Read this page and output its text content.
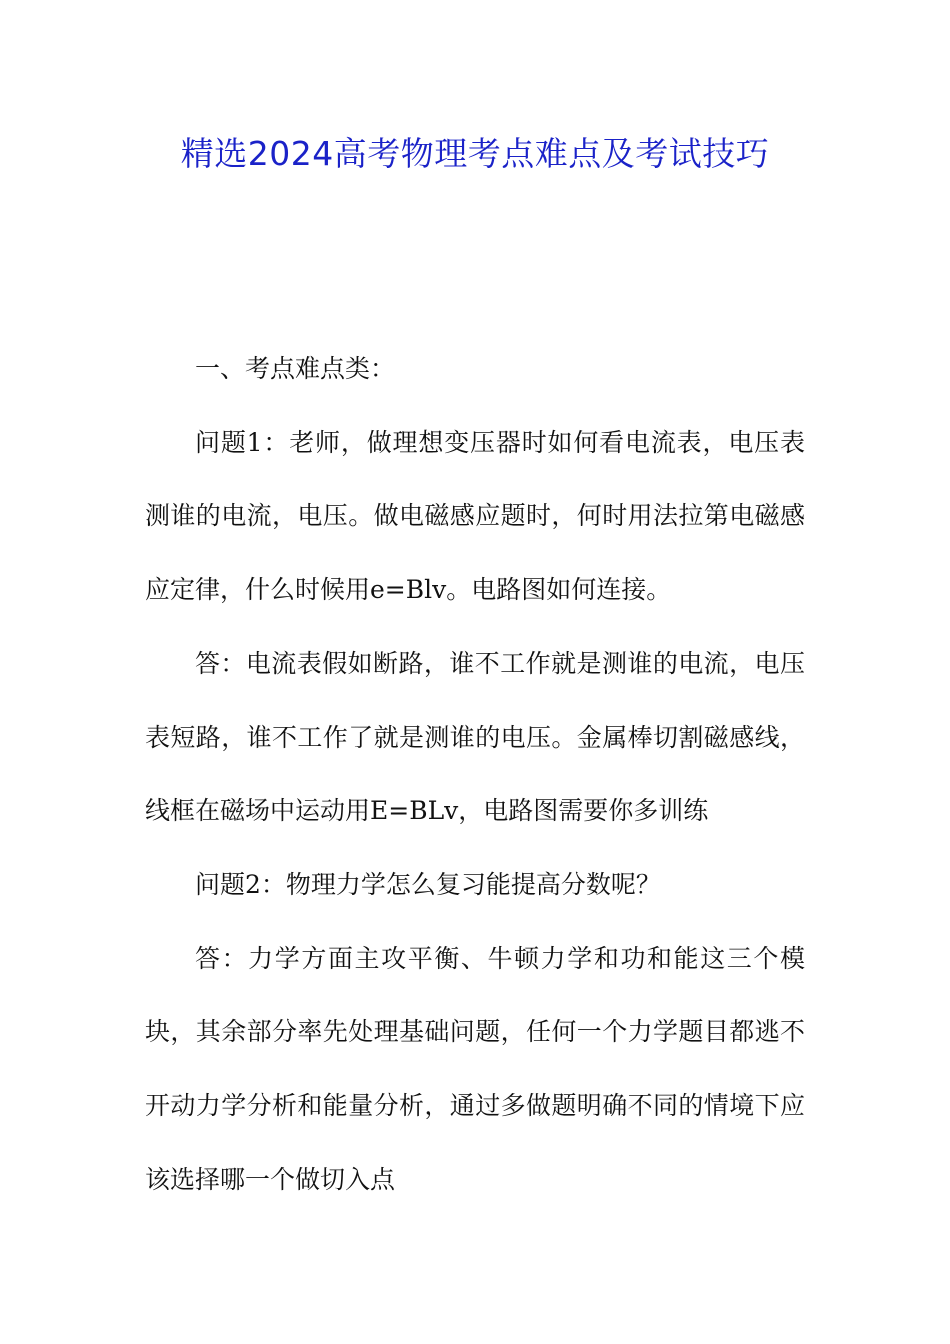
精选2024高考物理考点难点及考试技巧

一、考点难点类：

问题1：老师，做理想变压器时如何看电流表，电压表测谁的电流，电压。做电磁感应题时，何时用法拉第电磁感应定律，什么时候用e=Blv。电路图如何连接。

答：电流表假如断路，谁不工作就是测谁的电流，电压表短路，谁不工作了就是测谁的电压。金属棒切割磁感线，线框在磁场中运动用E=BLv，电路图需要你多训练

问题2：物理力学怎么复习能提高分数呢？

答：力学方面主攻平衡、牛顿力学和功和能这三个模块，其余部分率先处理基础问题，任何一个力学题目都逃不开动力学分析和能量分析，通过多做题明确不同的情境下应该选择哪一个做切入点
